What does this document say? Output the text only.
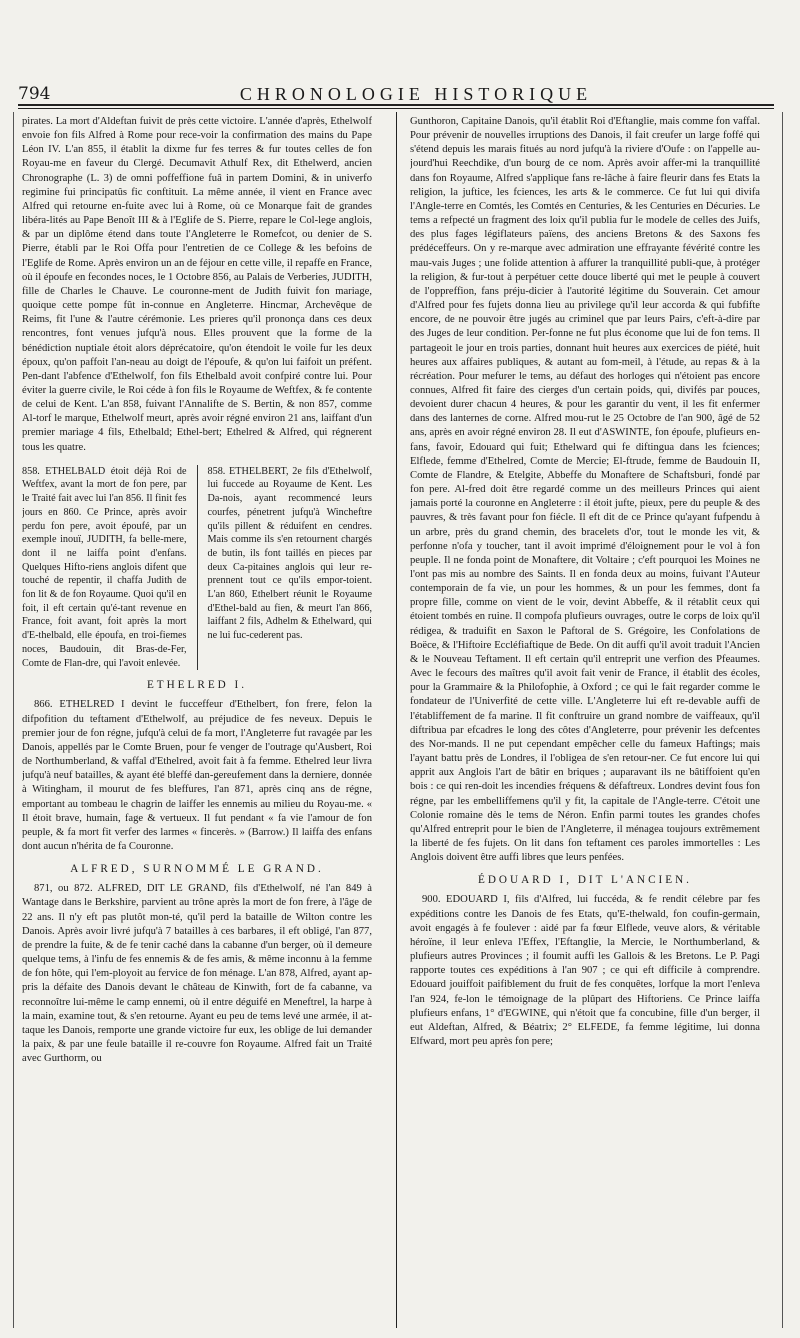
794	CHRONOLOGIE HISTORIQUE

pirates. La mort d'Aldeftan fuivit de près cette victoire. L'année d'après, Ethelwolf envoie fon fils Alfred à Rome pour rece-voir la confirmation des mains du Pape Léon IV. L'an 855, il établit la dixme fur fes terres & fur toutes celles de fon Royau-me en faveur du Clergé. Decumavit Athulf Rex, dit Ethelwerd, ancien Chronographe (L. 3) de omni poffeffione fuâ in partem Domini, & in univerfo regimine fui principatûs fic conftituit. La même année, il vient en France avec Alfred qui retourne en-fuite avec lui à Rome, où ce Monarque fait de grandes libéra-lités au Pape Benoît III & à l'Eglife de S. Pierre, repare le Col-lege anglois, & par un diplôme étend dans toute l'Angleterre le Romefcot, ou denier de S. Pierre, établi par le Roi Offa pour l'entretien de ce College & les befoins de l'Eglife de Rome. Après environ un an de féjour en cette ville, il repaffe en France, où il époufe en fecondes noces, le 1 Octobre 856, au Palais de Verberies, JUDITH, fille de Charles le Chauve. Le couronne-ment de Judith fuivit fon mariage, quoique cette pompe fût in-connue en Angleterre. Hincmar, Archevêque de Reims, fit l'une & l'autre cérémonie. Les prieres qu'il prononça dans ces deux rencontres, font venues jufqu'à nous. Elles prouvent que la forme de la bénédiction nuptiale étoit alors déprécatoire, qu'on étendoit le voile fur les deux époux, qu'on paffoit l'an-neau au doigt de l'époufe, & qu'on lui faifoit un préfent. Pen-dant l'abfence d'Ethelwolf, fon fils Ethelbald avoit confpiré contre lui. Pour éviter la guerre civile, le Roi céde à fon fils le Royaume de Weftfex, & fe contente de celui de Kent. L'an 858, fuivant l'Annalifte de S. Bertin, & non 857, comme Al-torf le marque, Ethelwolf meurt, après avoir régné environ 21 ans, laiffant d'un premier mariage 4 fils, Ethelbald; Ethel-bert; Ethelred & Alfred, qui régnerent tous les quatre.

858. ETHELBALD étoit déjà Roi de Weftfex, avant la mort de fon pere, par le Traité fait avec lui l'an 856. Il finit fes jours en 860. Ce Prince, après avoir perdu fon pere, avoit époufé, par un exemple inouï, JUDITH, fa belle-mere, dont il ne laiffa point d'enfans. Quelques Hifto-riens anglois difent que touché de repentir, il chaffa Judith de fon lit & de fon Royaume. Quoi qu'il en foit, il eft certain qu'é-tant revenue en France, foit avant, foit après la mort d'E-thelbald, elle époufa, en troi-fiemes noces, Baudouin, dit Bras-de-Fer, Comte de Flan-dre, qui l'avoit enlevée.
858. ETHELBERT, 2e fils d'Ethelwolf, lui fuccede au Royaume de Kent. Les Da-nois, ayant recommencé leurs courfes, pénetrent jufqu'à Wincheftre qu'ils pillent & réduifent en cendres. Mais comme ils s'en retournent chargés de butin, ils font taillés en pieces par deux Ca-pitaines anglois qui leur re-prennent tout ce qu'ils empor-toient. L'an 860, Ethelbert réunit le Royaume d'Ethel-bald au fien, & meurt l'an 866, laiffant 2 fils, Adhelm & Ethelward, qui ne lui fuc-cederent pas.
ETHELRED I.

866. ETHELRED I devint le fucceffeur d'Ethelbert, fon frere, felon la difpofition du teftament d'Ethelwolf, au préjudice de fes neveux. Depuis le premier jour de fon régne, jufqu'à celui de fa mort, l'Angleterre fut ravagée par les Danois, appellés par le Comte Bruen, pour fe venger de l'outrage qu'Ausbert, Roi de Northumberland, & vaffal d'Ethelred, avoit fait à fa femme. Ethelred leur livra jufqu'à neuf batailles, & ayant été bleffé dan-gereufement dans la derniere, donnée à Witingham, il mourut de fes bleffures, l'an 871, après cinq ans de régne, emportant au tombeau le chagrin de laiffer les ennemis au milieu du Royau-me. « Il étoit brave, humain, fage & vertueux. Il fut pendant « fa vie l'amour de fon peuple, & fa mort fit verfer des larmes « fincerès. » (Barrow.) Il laiffa des enfans dont aucun n'hérita de fa Couronne.

ALFRED, SURNOMMÉ LE GRAND.

871, ou 872. ALFRED, DIT LE GRAND, fils d'Ethelwolf, né l'an 849 à Wantage dans le Berkshire, parvient au trône après la mort de fon frere, à l'âge de 22 ans. Il n'y eft pas plutôt mon-té, qu'il perd la bataille de Wilton contre les Danois. Après avoir livré jufqu'à 7 batailles à ces barbares, il eft obligé, l'an 877, de prendre la fuite, & de fe tenir caché dans la cabanne d'un berger, où il demeure quelque tems, à l'infu de fes ennemis & de fes amis, & même inconnu à la femme de fon hôte, qui l'em-ployoit au fervice de fon ménage. L'an 878, Alfred, ayant ap-pris la défaite des Danois devant le château de Kinwith, fort de fa cabanne, va reconnoître lui-même le camp ennemi, où il entre déguifé en Meneftrel, la harpe à la main, examine tout, & s'en retourne. Ayant eu peu de tems levé une armée, il at-taque les Danois, remporte une grande victoire fur eux, les oblige de lui demander la paix, & par une feule bataille il re-couvre fon Royaume. Alfred fait un Traité avec Gurthorm, ou

Gunthoron, Capitaine Danois, qu'il établit Roi d'Eftanglie, mais comme fon vaffal. Pour prévenir de nouvelles irruptions des Danois, il fait creufer un large foffé qui s'étend depuis les marais fitués au nord jufqu'à la riviere d'Oufe : on l'appelle au-jourd'hui Reechdike, d'un bourg de ce nom. Après avoir affer-mi la tranquillité dans fon Royaume, Alfred s'applique fans re-lâche à faire fleurir dans fes Etats la religion, la juftice, les fciences, les arts & le commerce. Ce fut lui qui divifa l'Angle-terre en Comtés, les Comtés en Centuries, & les Centuries en Décuries. Le tems a refpecté un fragment des loix qu'il publia fur le modele de celles des Juifs, des plus fages légiflateurs païens, des anciens Bretons & des Saxons fes prédéceffeurs. On y re-marque avec admiration une effrayante févérité contre les mau-vais Juges ; une folide attention à affurer la tranquillité publi-que, à protéger la religion, & fur-tout à perpétuer cette douce liberté qui met le peuple à couvert de l'oppreffion, fans préju-dicier à l'autorité légitime du Souverain. Cet amour d'Alfred pour fes fujets donna lieu au privilege qu'il leur accorda & qui fubfifte encore, de ne pouvoir être jugés au criminel que par leurs Pairs, c'eft-à-dire par des Juges de leur condition. Per-fonne ne fut plus économe que lui de fon tems. Il partageoit le jour en trois parties, donnant huit heures aux exercices de piété, huit heures aux affaires publiques, & autant au fom-meil, à l'étude, au repas & à la récréation. Pour mefurer le tems, au défaut des horloges qui n'étoient pas encore connues, Alfred fit faire des cierges d'un certain poids, qui, divifés par pouces, devoient durer chacun 4 heures, & pour les garantir du vent, il les fit enfermer dans des lanternes de corne. Alfred mou-rut le 25 Octobre de l'an 900, âgé de 52 ans, après en avoir régné environ 28. Il eut d'ASWINTE, fon époufe, plufieurs en-fans, favoir, Edouard qui fuit; Ethelward qui fe diftingua dans les fciences; Elflede, femme d'Ethelred, Comte de Mercie; El-ftrude, femme de Baudouin II, Comte de Flandre, & Etelgite, Abbeffe du Monaftere de Schaftsburi, fondé par fon pere. Al-fred doit être regardé comme un des meilleurs Princes qui aient jamais porté la couronne en Angleterre : il étoit jufte, pieux, pere du peuple & des pauvres, & très favant pour fon fiécle. Il eft dit de ce Prince qu'ayant fufpendu à un arbre, près du grand chemin, des bracelets d'or, tout le monde les vit, & perfonne n'ofa y toucher, tant il avoit imprimé d'éloignement pour le vol à fon peuple. Il ne fonda point de Monaftere, dit Voltaire ; c'eft pourquoi les Moines ne l'ont pas mis au nombre des Saints. Il en fonda deux au moins, fuivant l'Auteur contemporain de fa vie, un pour les hommes, & un pour les femmes, dont fa propre fille, comme on vient de le voir, devint Abbeffe, & il rétablit ceux qui étoient tombés en ruine. Il compofa plufieurs ouvrages, outre le corps de loix qu'il rédigea, & traduifit en Saxon le Paftoral de S. Grégoire, les Confolations de Boëce, & l'Hiftoire Eccléfiaftique de Bede. On dit auffi qu'il avoit traduit l'Ancien & le Nouveau Teftament. Il eft certain qu'il entreprit une verfion des Pfeaumes. Avec le fecours des maîtres qu'il avoit fait venir de France, il établit des écoles, pour la Grammaire & la Philofophie, à Oxford ; ce qui le fait regarder comme le fondateur de l'Univerfité de cette ville. L'Angleterre lui eft re-devable auffi de l'établiffement de fa marine. Il fit conftruire un grand nombre de vaiffeaux, qu'il diftribua par efcadres le long des côtes d'Angleterre, pour prévenir les defcentes des Nor-mands. Il ne put cependant empêcher celle du fameux Haftings; mais l'ayant battu près de Londres, il l'obligea de s'en retour-ner. Ce fut encore lui qui apprit aux Anglois l'art de bâtir en briques ; auparavant ils ne bâtiffoient qu'en bois : ce qui ren-doit les incendies fréquens & défaftreux. Londres devint fous fon régne, par les embelliffemens qu'il y fit, la capitale de l'Angle-terre. C'étoit une Colonie romaine dès le tems de Néron. Enfin parmi toutes les grandes chofes qu'Alfred entreprit pour le bien de l'Angleterre, il ménagea toujours extrêmement la liberté de fes fujets. On lit dans fon teftament ces paroles immortelles : Les Anglois doivent être auffi libres que leurs penfées.

ÉDOUARD I, DIT L'ANCIEN.

900. EDOUARD I, fils d'Alfred, lui fuccéda, & fe rendit célebre par fes expéditions contre les Danois de fes Etats, qu'E-thelwald, fon coufin-germain, avoit engagés à fe foulever : aidé par fa fœur Elflede, veuve alors, & véritable héroïne, il leur enleva l'Effex, l'Eftanglie, la Mercie, le Northumberland, & plufieurs autres Provinces ; il foumit auffi les Gallois & les Bretons. Le P. Pagi rapporte toutes ces expéditions à l'an 907 ; ce qui eft difficile à comprendre. Edouard jouiffoit paifiblement du fruit de fes conquêtes, lorfque la mort l'enleva l'an 924, fe-lon le témoignage de la plûpart des Hiftoriens. Ce Prince laiffa plufieurs enfans, 1° d'EGWINE, qui n'étoit que fa concubine, fille d'un berger, il eut Aldeftan, Alfred, & Béatrix; 2° ELFEDE, fa femme légitime, lui donna Elfward, mort peu après fon pere;
